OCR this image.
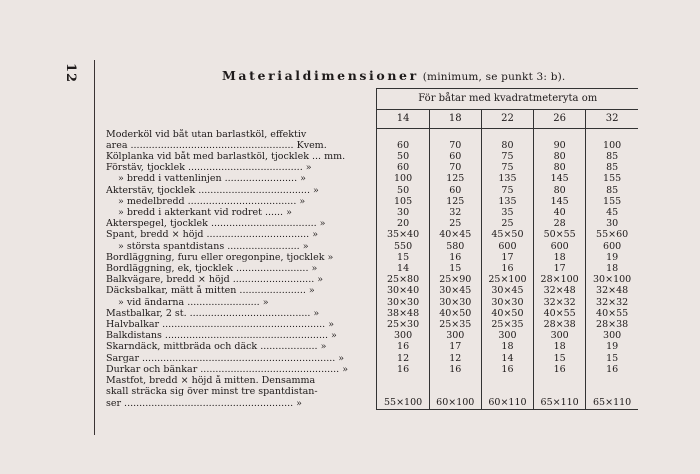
12	Materialdimensioner (minimum, se punkt 3: b).
	För båtar med kvadratmeteryta om				
	14	18	22	26	32
Moderköl vid båt utan barlastköl, effektiv					
area ...................................................... Kvem.	60	70	80	90	100
Kölplanka vid båt med barlastköl, tjocklek ... mm.	50	60	75	80	85
Förstäv, tjocklek ...................................... »	60	70	75	80	85
» bredd i vattenlinjen ........................ »	100	125	135	145	155
Akterstäv, tjocklek ..................................... »	50	60	75	80	85
» medelbredd .................................... »	105	125	135	145	155
» bredd i akterkant vid rodret ...... »	30	32	35	40	45
Akterspegel, tjocklek ................................... »	20	25	25	28	30
Spant, bredd × höjd .................................. »	35×40	40×45	45×50	50×55	55×60
» största spantdistans ........................ »	550	580	600	600	600
Bordläggning, furu eller oregonpine, tjocklek »	15	16	17	18	19
Bordläggning, ek, tjocklek ........................ »	14	15	16	17	18
Balkvägare, bredd × höjd ........................... »	25×80	25×90	25×100	28×100	30×100
Däcksbalkar, mätt å mitten ...................... »	30×40	30×45	30×45	32×48	32×48
» vid ändarna ........................ »	30×30	30×30	30×30	32×32	32×32
Mastbalkar, 2 st. ........................................ »	38×48	40×50	40×50	40×55	40×55
Halvbalkar ...................................................... »	25×30	25×35	25×35	28×38	28×38
Balkdistans ...................................................... »	300	300	300	300	300
Skarndäck, mittbräda och däck ................... »	16	17	18	18	19
Sargar ................................................................ »	12	12	14	15	15
Durkar och bänkar .............................................. »	16	16	16	16	16
Mastfot, bredd × höjd å mitten. Densamma					
skall sträcka sig över minst tre spantdistan-					
ser ........................................................ »	55×100	60×100	60×110	65×110	65×110
